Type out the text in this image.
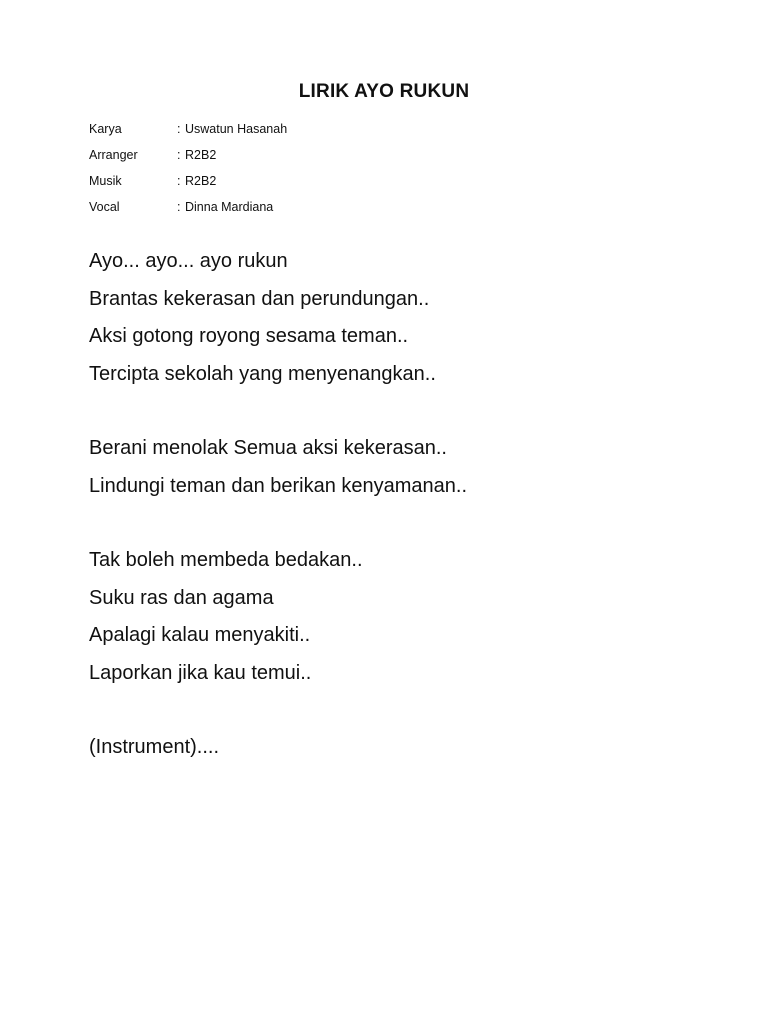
LIRIK AYO RUKUN
Karya	: Uswatun Hasanah
Arranger	: R2B2
Musik	: R2B2
Vocal	: Dinna Mardiana
Ayo... ayo... ayo rukun
Brantas kekerasan dan perundungan..
Aksi gotong royong sesama teman..
Tercipta sekolah yang menyenangkan..
Berani menolak Semua aksi kekerasan..
Lindungi teman dan berikan kenyamanan..
Tak boleh membeda bedakan..
Suku ras dan agama
Apalagi kalau menyakiti..
Laporkan jika kau temui..
(Instrument)....
